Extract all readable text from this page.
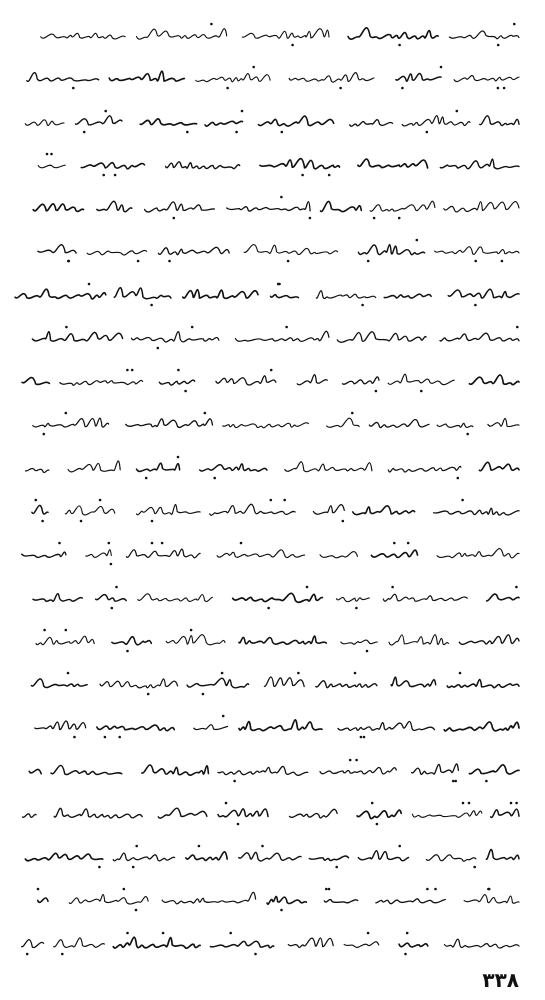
٣٣٨
